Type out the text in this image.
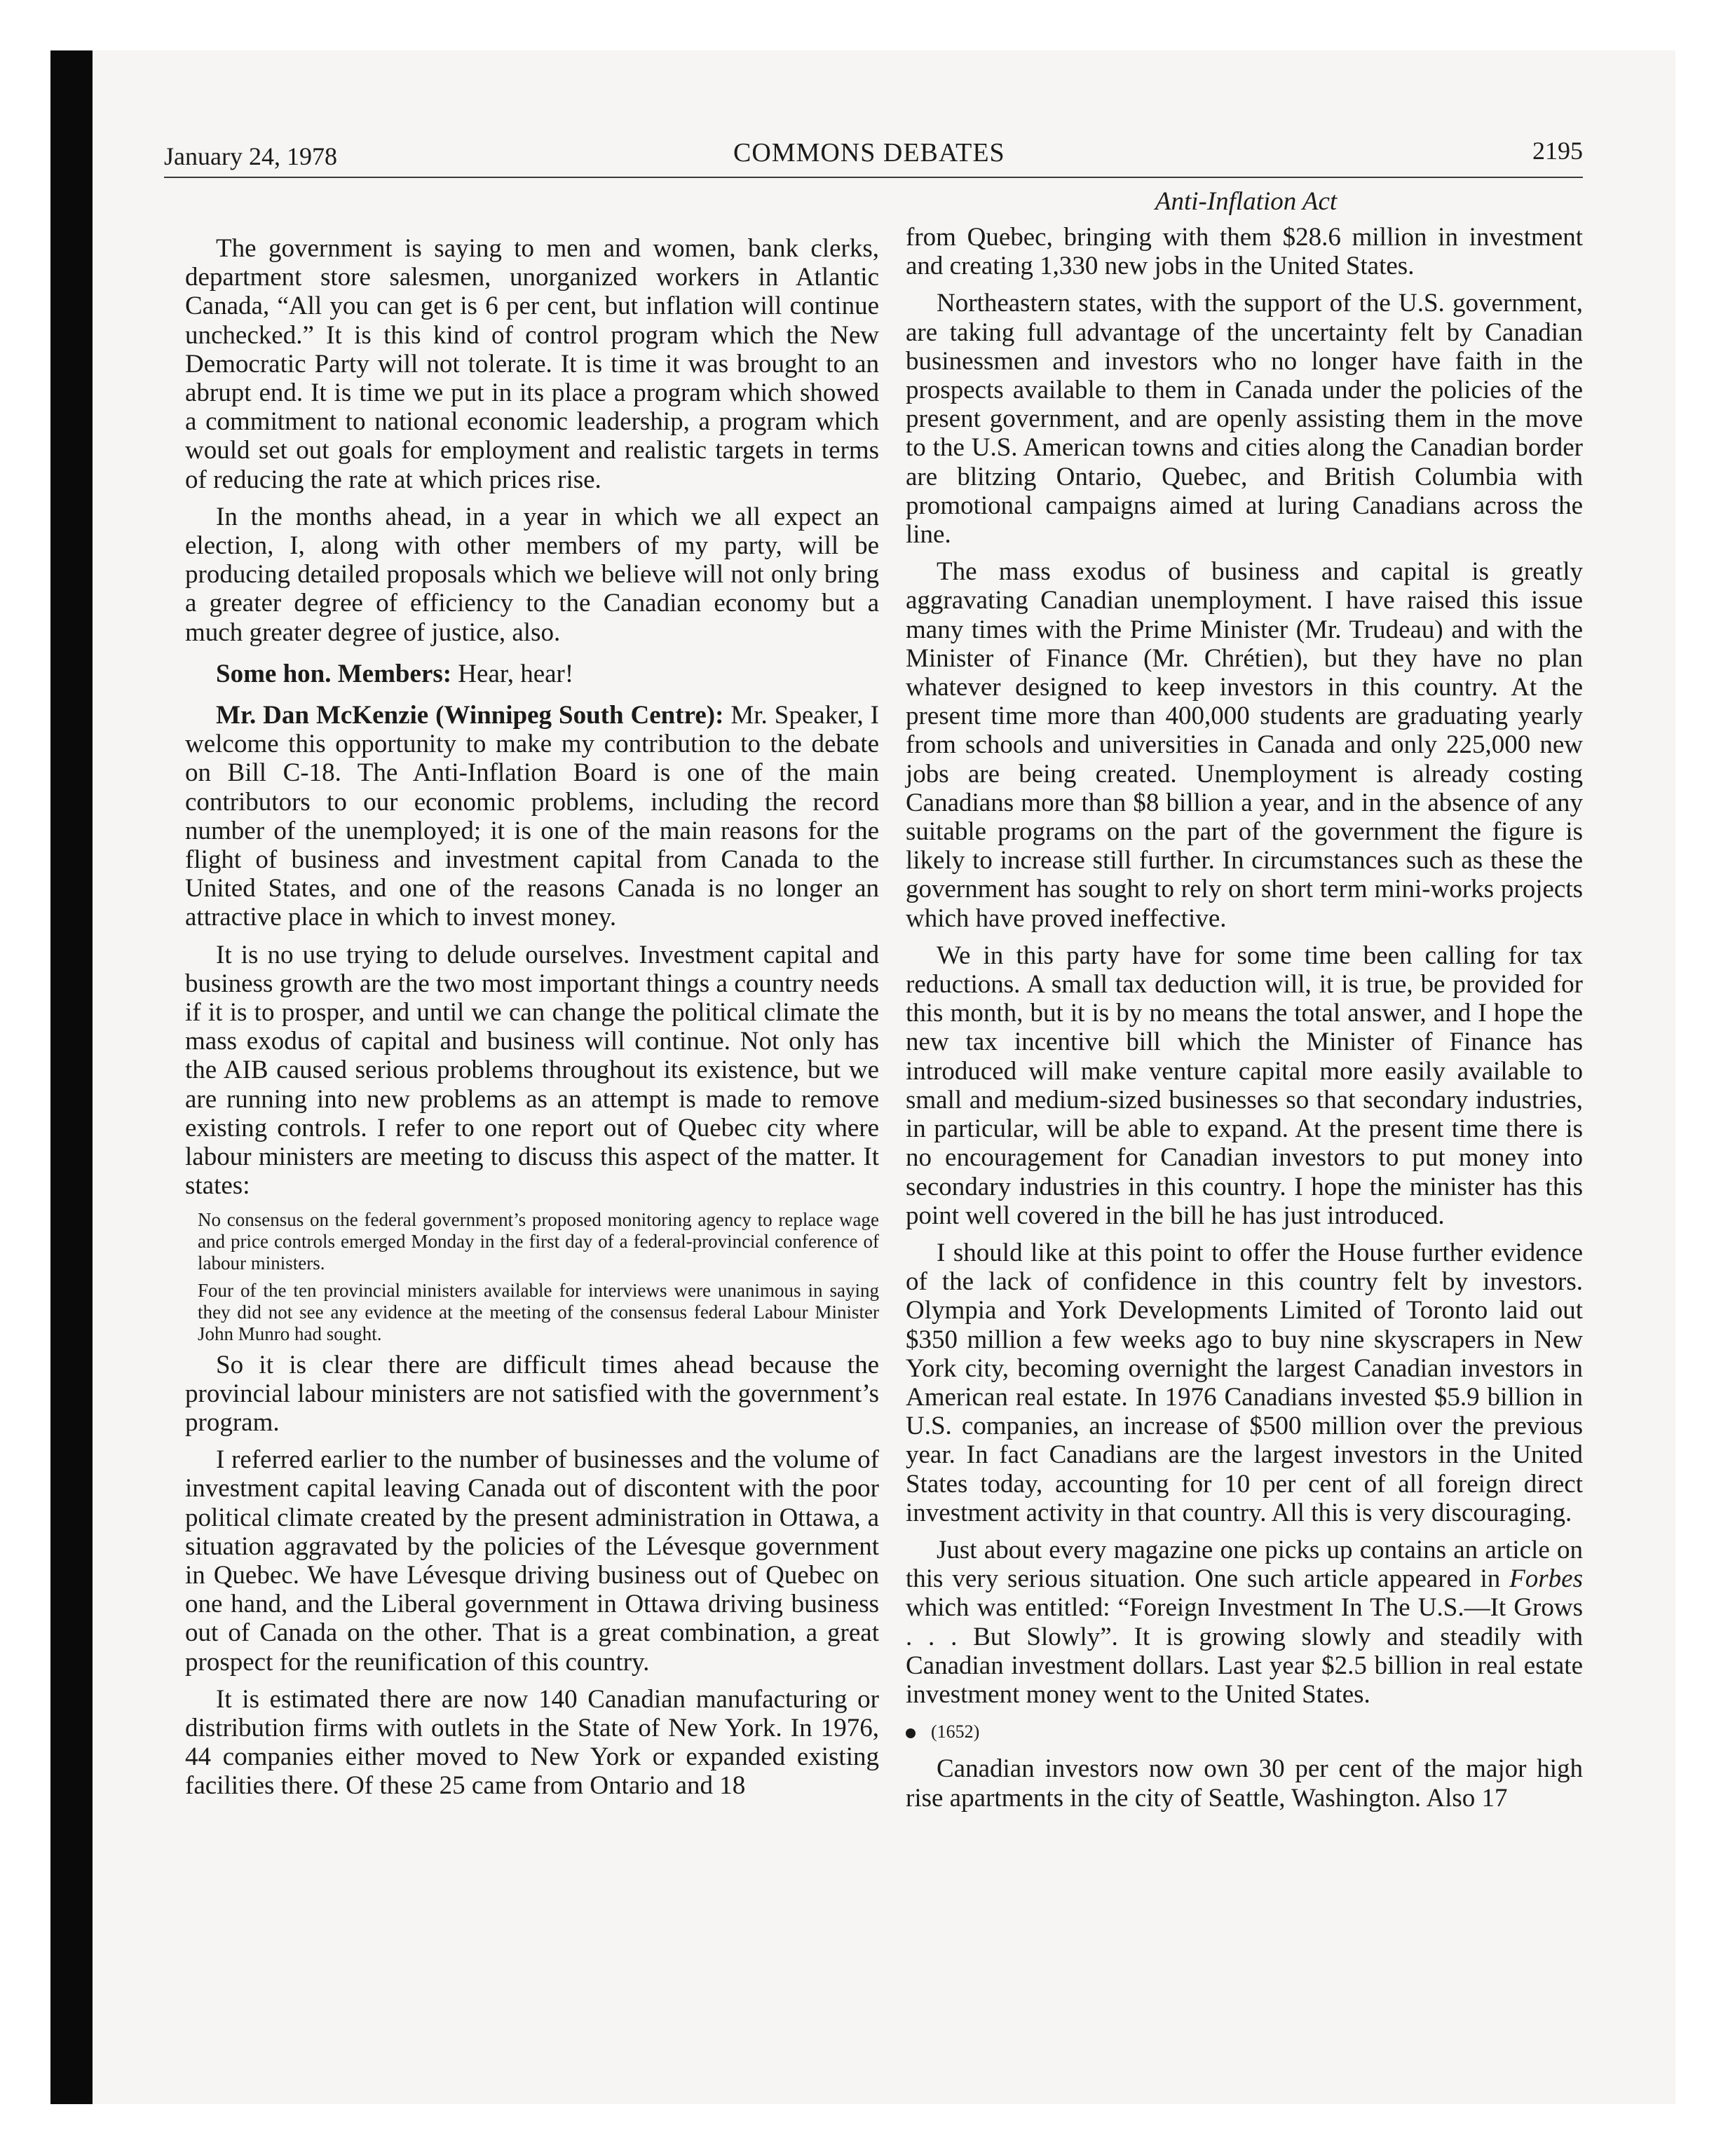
January 24, 1978	COMMONS DEBATES	2195
Anti-Inflation Act

The government is saying to men and women, bank clerks, department store salesmen, unorganized workers in Atlantic Canada, “All you can get is 6 per cent, but inflation will continue unchecked.” It is this kind of control program which the New Democratic Party will not tolerate. It is time it was brought to an abrupt end. It is time we put in its place a program which showed a commitment to national economic leadership, a program which would set out goals for employment and realistic targets in terms of reducing the rate at which prices rise.

In the months ahead, in a year in which we all expect an election, I, along with other members of my party, will be producing detailed proposals which we believe will not only bring a greater degree of efficiency to the Canadian economy but a much greater degree of justice, also.

Some hon. Members: Hear, hear!

Mr. Dan McKenzie (Winnipeg South Centre): Mr. Speaker, I welcome this opportunity to make my contribution to the debate on Bill C-18. The Anti-Inflation Board is one of the main contributors to our economic problems, including the record number of the unemployed; it is one of the main reasons for the flight of business and investment capital from Canada to the United States, and one of the reasons Canada is no longer an attractive place in which to invest money.

It is no use trying to delude ourselves. Investment capital and business growth are the two most important things a country needs if it is to prosper, and until we can change the political climate the mass exodus of capital and business will continue. Not only has the AIB caused serious problems throughout its existence, but we are running into new problems as an attempt is made to remove existing controls. I refer to one report out of Quebec city where labour ministers are meeting to discuss this aspect of the matter. It states:

No consensus on the federal government’s proposed monitoring agency to replace wage and price controls emerged Monday in the first day of a federal-provincial conference of labour ministers.

Four of the ten provincial ministers available for interviews were unanimous in saying they did not see any evidence at the meeting of the consensus federal Labour Minister John Munro had sought.

So it is clear there are difficult times ahead because the provincial labour ministers are not satisfied with the government’s program.

I referred earlier to the number of businesses and the volume of investment capital leaving Canada out of discontent with the poor political climate created by the present administration in Ottawa, a situation aggravated by the policies of the Lévesque government in Quebec. We have Lévesque driving business out of Quebec on one hand, and the Liberal government in Ottawa driving business out of Canada on the other. That is a great combination, a great prospect for the reunification of this country.

It is estimated there are now 140 Canadian manufacturing or distribution firms with outlets in the State of New York. In 1976, 44 companies either moved to New York or expanded existing facilities there. Of these 25 came from Ontario and 18

from Quebec, bringing with them $28.6 million in investment and creating 1,330 new jobs in the United States.

Northeastern states, with the support of the U.S. government, are taking full advantage of the uncertainty felt by Canadian businessmen and investors who no longer have faith in the prospects available to them in Canada under the policies of the present government, and are openly assisting them in the move to the U.S. American towns and cities along the Canadian border are blitzing Ontario, Quebec, and British Columbia with promotional campaigns aimed at luring Canadians across the line.

The mass exodus of business and capital is greatly aggravating Canadian unemployment. I have raised this issue many times with the Prime Minister (Mr. Trudeau) and with the Minister of Finance (Mr. Chrétien), but they have no plan whatever designed to keep investors in this country. At the present time more than 400,000 students are graduating yearly from schools and universities in Canada and only 225,000 new jobs are being created. Unemployment is already costing Canadians more than $8 billion a year, and in the absence of any suitable programs on the part of the government the figure is likely to increase still further. In circumstances such as these the government has sought to rely on short term mini-works projects which have proved ineffective.

We in this party have for some time been calling for tax reductions. A small tax deduction will, it is true, be provided for this month, but it is by no means the total answer, and I hope the new tax incentive bill which the Minister of Finance has introduced will make venture capital more easily available to small and medium-sized businesses so that secondary industries, in particular, will be able to expand. At the present time there is no encouragement for Canadian investors to put money into secondary industries in this country. I hope the minister has this point well covered in the bill he has just introduced.

I should like at this point to offer the House further evidence of the lack of confidence in this country felt by investors. Olympia and York Developments Limited of Toronto laid out $350 million a few weeks ago to buy nine skyscrapers in New York city, becoming overnight the largest Canadian investors in American real estate. In 1976 Canadians invested $5.9 billion in U.S. companies, an increase of $500 million over the previous year. In fact Canadians are the largest investors in the United States today, accounting for 10 per cent of all foreign direct investment activity in that country. All this is very discouraging.

Just about every magazine one picks up contains an article on this very serious situation. One such article appeared in Forbes which was entitled: “Foreign Investment In The U.S.—It Grows . . . But Slowly”. It is growing slowly and steadily with Canadian investment dollars. Last year $2.5 billion in real estate investment money went to the United States.

(1652)

Canadian investors now own 30 per cent of the major high rise apartments in the city of Seattle, Washington. Also 17
